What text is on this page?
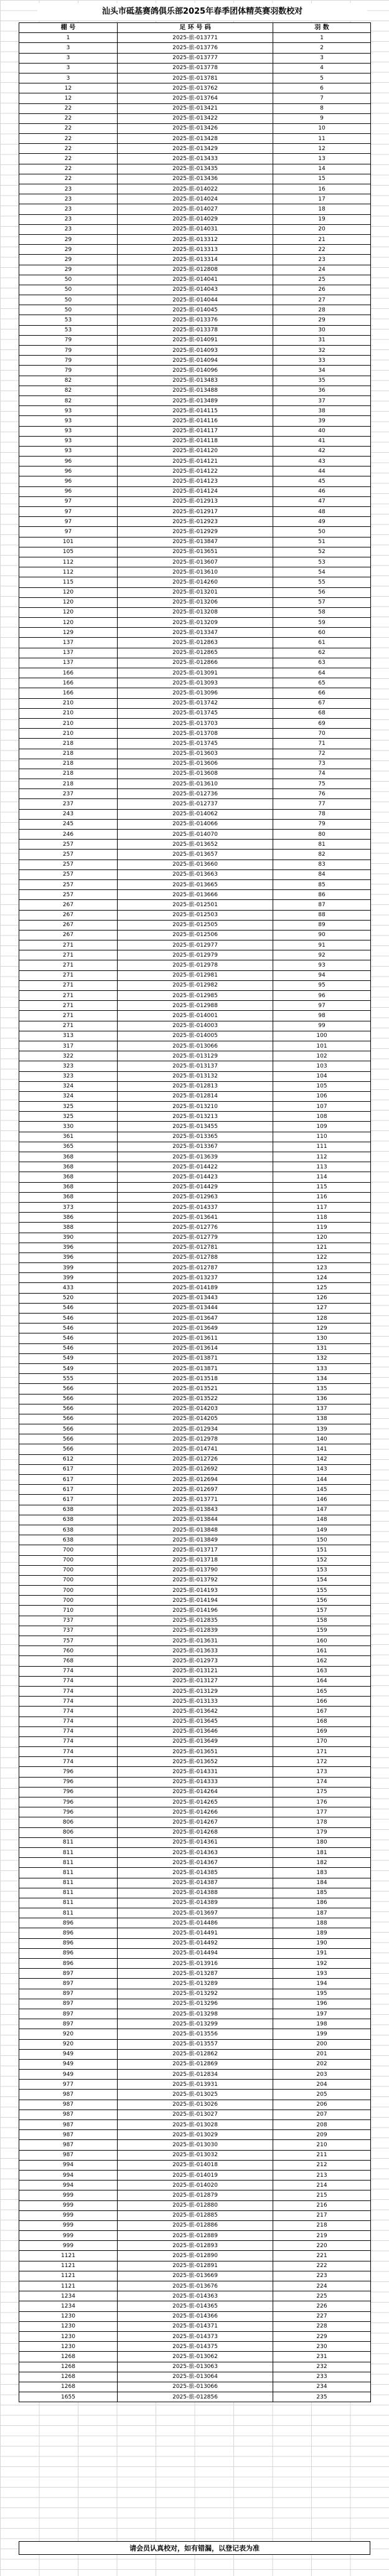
汕头市砥基赛鸽俱乐部2025年春季团体精英赛羽数校对
棚 号	足 环 号 码	羽 数
1	2025-旅-013771	1
3	2025-旅-013776	2
3	2025-旅-013777	3
3	2025-旅-013778	4
3	2025-旅-013781	5
12	2025-旅-013762	6
12	2025-旅-013764	7
22	2025-旅-013421	8
22	2025-旅-013422	9
22	2025-旅-013426	10
22	2025-旅-013428	11
22	2025-旅-013429	12
22	2025-旅-013433	13
22	2025-旅-013435	14
22	2025-旅-013436	15
23	2025-旅-014022	16
23	2025-旅-014024	17
23	2025-旅-014027	18
23	2025-旅-014029	19
23	2025-旅-014031	20
29	2025-旅-013312	21
29	2025-旅-013313	22
29	2025-旅-013314	23
29	2025-旅-012808	24
50	2025-旅-014041	25
50	2025-旅-014043	26
50	2025-旅-014044	27
50	2025-旅-014045	28
53	2025-旅-013376	29
53	2025-旅-013378	30
79	2025-旅-014091	31
79	2025-旅-014093	32
79	2025-旅-014094	33
79	2025-旅-014096	34
82	2025-旅-013483	35
82	2025-旅-013488	36
82	2025-旅-013489	37
93	2025-旅-014115	38
93	2025-旅-014116	39
93	2025-旅-014117	40
93	2025-旅-014118	41
93	2025-旅-014120	42
96	2025-旅-014121	43
96	2025-旅-014122	44
96	2025-旅-014123	45
96	2025-旅-014124	46
97	2025-旅-012913	47
97	2025-旅-012917	48
97	2025-旅-012923	49
97	2025-旅-012929	50
101	2025-旅-013847	51
105	2025-旅-013651	52
112	2025-旅-013607	53
112	2025-旅-013610	54
115	2025-旅-014260	55
120	2025-旅-013201	56
120	2025-旅-013206	57
120	2025-旅-013208	58
120	2025-旅-013209	59
129	2025-旅-013347	60
137	2025-旅-012863	61
137	2025-旅-012865	62
137	2025-旅-012866	63
166	2025-旅-013091	64
166	2025-旅-013093	65
166	2025-旅-013096	66
210	2025-旅-013742	67
210	2025-旅-013745	68
210	2025-旅-013703	69
210	2025-旅-013708	70
218	2025-旅-013745	71
218	2025-旅-013603	72
218	2025-旅-013606	73
218	2025-旅-013608	74
218	2025-旅-013610	75
237	2025-旅-012736	76
237	2025-旅-012737	77
243	2025-旅-014062	78
245	2025-旅-014066	79
246	2025-旅-014070	80
257	2025-旅-013652	81
257	2025-旅-013657	82
257	2025-旅-013660	83
257	2025-旅-013663	84
257	2025-旅-013665	85
257	2025-旅-013666	86
267	2025-旅-012501	87
267	2025-旅-012503	88
267	2025-旅-012505	89
267	2025-旅-012506	90
271	2025-旅-012977	91
271	2025-旅-012979	92
271	2025-旅-012978	93
271	2025-旅-012981	94
271	2025-旅-012982	95
271	2025-旅-012985	96
271	2025-旅-012988	97
271	2025-旅-014001	98
271	2025-旅-014003	99
313	2025-旅-014005	100
317	2025-旅-013066	101
322	2025-旅-013129	102
323	2025-旅-013137	103
323	2025-旅-013132	104
324	2025-旅-012813	105
324	2025-旅-012814	106
325	2025-旅-013210	107
325	2025-旅-013213	108
330	2025-旅-013455	109
361	2025-旅-013365	110
365	2025-旅-013367	111
368	2025-旅-013639	112
368	2025-旅-014422	113
368	2025-旅-014423	114
368	2025-旅-014429	115
368	2025-旅-012963	116
373	2025-旅-014337	117
386	2025-旅-013641	118
388	2025-旅-012776	119
390	2025-旅-012779	120
396	2025-旅-012781	121
396	2025-旅-012788	122
399	2025-旅-012787	123
399	2025-旅-013237	124
433	2025-旅-014189	125
520	2025-旅-013443	126
546	2025-旅-013444	127
546	2025-旅-013647	128
546	2025-旅-013649	129
546	2025-旅-013611	130
546	2025-旅-013614	131
549	2025-旅-013871	132
549	2025-旅-013871	133
555	2025-旅-013518	134
566	2025-旅-013521	135
566	2025-旅-013522	136
566	2025-旅-014203	137
566	2025-旅-014205	138
566	2025-旅-012934	139
566	2025-旅-012978	140
566	2025-旅-014741	141
612	2025-旅-012726	142
617	2025-旅-012692	143
617	2025-旅-012694	144
617	2025-旅-012697	145
617	2025-旅-013771	146
638	2025-旅-013843	147
638	2025-旅-013844	148
638	2025-旅-013848	149
638	2025-旅-013849	150
700	2025-旅-013717	151
700	2025-旅-013718	152
700	2025-旅-013790	153
700	2025-旅-013792	154
700	2025-旅-014193	155
700	2025-旅-014194	156
710	2025-旅-014196	157
737	2025-旅-012835	158
737	2025-旅-012839	159
757	2025-旅-013631	160
760	2025-旅-013633	161
768	2025-旅-012973	162
774	2025-旅-013121	163
774	2025-旅-013127	164
774	2025-旅-013129	165
774	2025-旅-013133	166
774	2025-旅-013642	167
774	2025-旅-013645	168
774	2025-旅-013646	169
774	2025-旅-013649	170
774	2025-旅-013651	171
774	2025-旅-013652	172
796	2025-旅-014331	173
796	2025-旅-014333	174
796	2025-旅-014264	175
796	2025-旅-014265	176
796	2025-旅-014266	177
806	2025-旅-014267	178
806	2025-旅-014268	179
811	2025-旅-014361	180
811	2025-旅-014363	181
811	2025-旅-014367	182
811	2025-旅-014385	183
811	2025-旅-014387	184
811	2025-旅-014388	185
811	2025-旅-014389	186
811	2025-旅-013697	187
896	2025-旅-014486	188
896	2025-旅-014491	189
896	2025-旅-014492	190
896	2025-旅-014494	191
896	2025-旅-013916	192
897	2025-旅-013287	193
897	2025-旅-013289	194
897	2025-旅-013292	195
897	2025-旅-013296	196
897	2025-旅-013298	197
897	2025-旅-013299	198
920	2025-旅-013556	199
920	2025-旅-013557	200
949	2025-旅-012862	201
949	2025-旅-012869	202
949	2025-旅-012834	203
977	2025-旅-013931	204
987	2025-旅-013025	205
987	2025-旅-013026	206
987	2025-旅-013027	207
987	2025-旅-013028	208
987	2025-旅-013029	209
987	2025-旅-013030	210
987	2025-旅-013032	211
994	2025-旅-014018	212
994	2025-旅-014019	213
994	2025-旅-014020	214
999	2025-旅-012879	215
999	2025-旅-012880	216
999	2025-旅-012885	217
999	2025-旅-012886	218
999	2025-旅-012889	219
999	2025-旅-012893	220
1121	2025-旅-012890	221
1121	2025-旅-012891	222
1121	2025-旅-013669	223
1121	2025-旅-013676	224
1234	2025-旅-014363	225
1234	2025-旅-014365	226
1230	2025-旅-014366	227
1230	2025-旅-014371	228
1230	2025-旅-014373	229
1230	2025-旅-014375	230
1268	2025-旅-013062	231
1268	2025-旅-013063	232
1268	2025-旅-013064	233
1268	2025-旅-013066	234
1655	2025-旅-012856	235
请会员认真校对，如有错漏，以登记表为准
